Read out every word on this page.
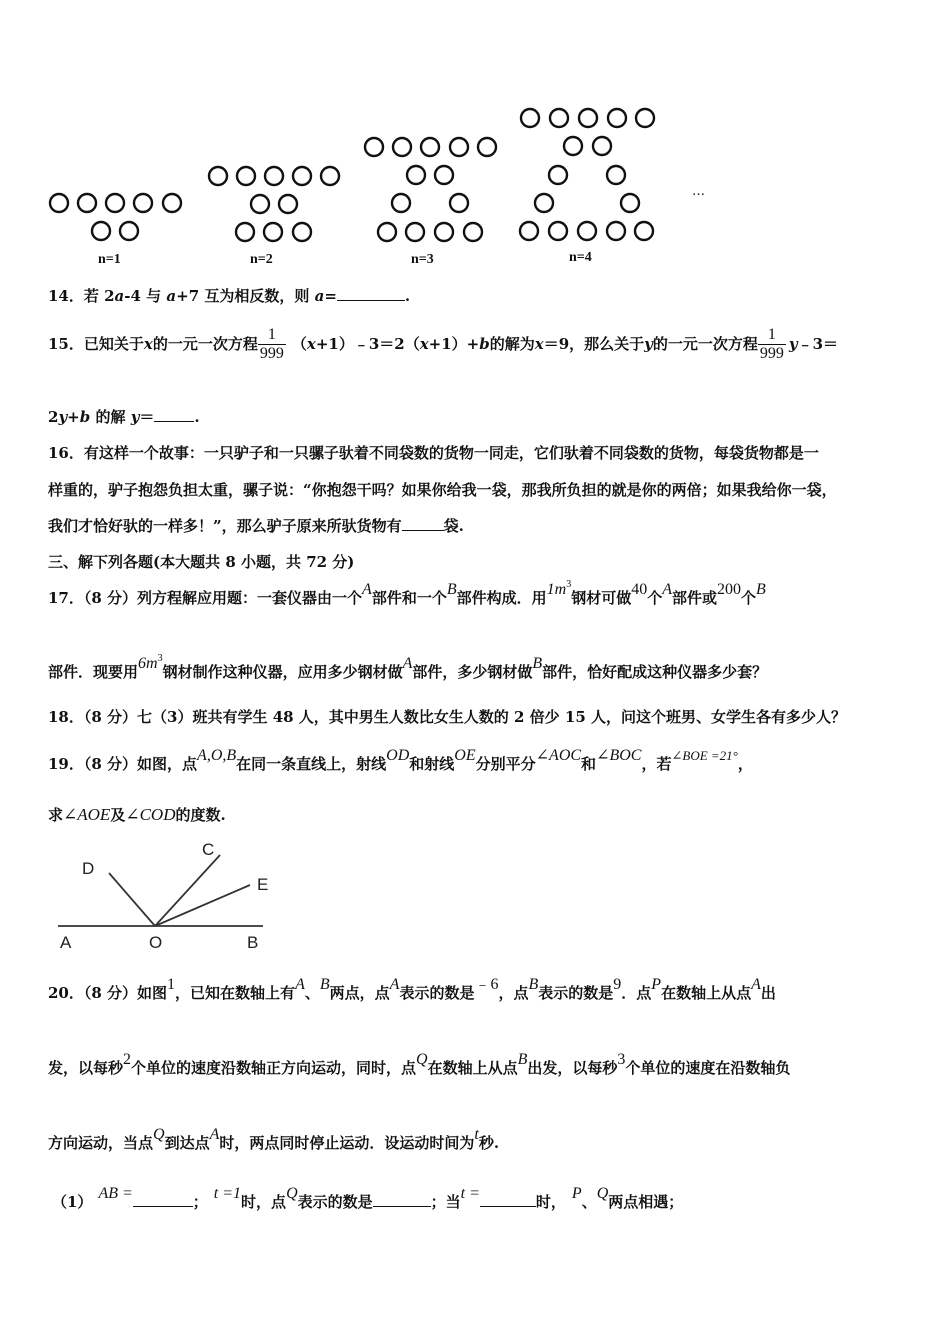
n=1	n=2	n=3	n=4
…
14．若 2a-4 与 a+7 互为相反数，则 a=	.
15． 已知关于 x 的一元一次方程 $\frac{1}{999}$ （ x +1）﹣3＝2（ x +1）+ b 的解为 x ＝9，那么关于 y 的一元一次方程 $\frac{1}{999}$ y ﹣3＝
2y+b 的解 y＝	.
16．有这样一个故事：一只驴子和一只骡子驮着不同袋数的货物一同走，它们驮着不同袋数的货物，每袋货物都是一
样重的，驴子抱怨负担太重，骡子说：“你抱怨干吗？如果你给我一袋，那我所负担的就是你的两倍；如果我给你一袋，
我们才恰好驮的一样多！”，那么驴子原来所驮货物有	袋.
三、解下列各题(本大题共 8 小题，共 72 分)
17．（8 分）列方程解应用题：一套仪器由一个A部件和一个B部件构成．用$1m^3$钢材可做40个A部件或200个B
部件．现要用$6m^3$钢材制作这种仪器，应用多少钢材做A部件，多少钢材做B部件，恰好配成这种仪器多少套？
18．（8 分）七（3）班共有学生 48 人，其中男生人数比女生人数的 2 倍少 15 人，问这个班男、女学生各有多少人？
19．（8 分）如图，点A,O,B在同一条直线上，射线OD和射线OE分别平分∠AOC和∠BOC，若∠BOE =21°，
求∠AOE及∠COD的度数.
D
C
E
A	O	B
20．（8 分）如图1，已知在数轴上有A、B两点，点A表示的数是﹣6，点B表示的数是9．点P在数轴上从点A出
发，以每秒2个单位的速度沿数轴正方向运动，同时，点Q在数轴上从点B出发，以每秒3个单位的速度在沿数轴负
方向运动，当点Q到达点A时，两点同时停止运动．设运动时间为t秒.
（1） AB =	； t =1时，点Q表示的数是	；当t =	时， P、Q两点相遇；
